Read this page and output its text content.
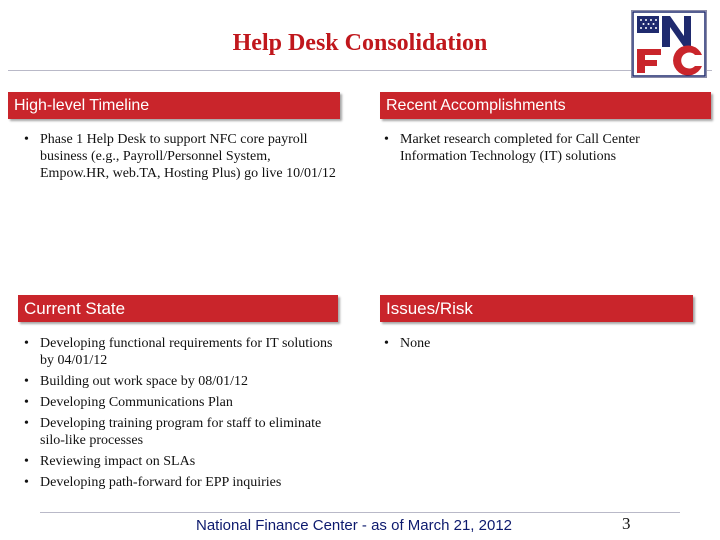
Help Desk Consolidation
High-level Timeline
• Phase 1 Help Desk to support NFC core payroll business (e.g., Payroll/Personnel System, Empow.HR, web.TA, Hosting Plus) go live 10/01/12
Recent Accomplishments
• Market research completed for Call Center Information Technology (IT) solutions
Current State
• Developing functional requirements for IT solutions by 04/01/12
• Building out work space by 08/01/12
• Developing Communications Plan
• Developing training program for staff to eliminate silo-like processes
• Reviewing impact on SLAs
• Developing path-forward for EPP inquiries
Issues/Risk
• None
National Finance Center - as of March 21, 2012	3
